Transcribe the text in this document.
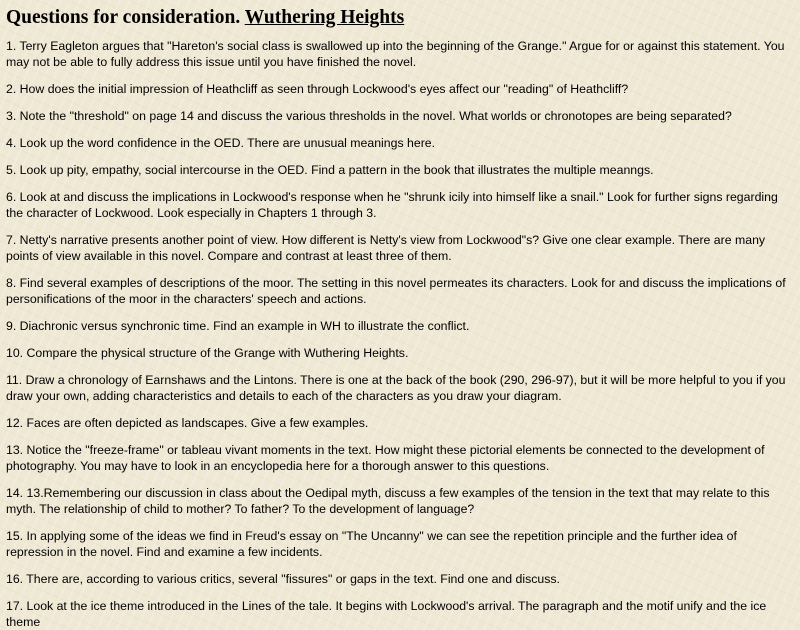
Questions for consideration. Wuthering Heights

1. Terry Eagleton argues that "Hareton's social class is swallowed up into the beginning of the Grange." Argue for or against this statement. You may not be able to fully address this issue until you have finished the novel.

2. How does the initial impression of Heathcliff as seen through Lockwood's eyes affect our "reading" of Heathcliff?

3. Note the "threshold" on page 14 and discuss the various thresholds in the novel. What worlds or chronotopes are being separated?

4. Look up the word confidence in the OED. There are unusual meanings here.

5. Look up pity, empathy, social intercourse in the OED. Find a pattern in the book that illustrates the multiple meanngs.

6. Look at and discuss the implications in Lockwood's response when he "shrunk icily into himself like a snail." Look for further signs regarding the character of Lockwood. Look especially in Chapters 1 through 3.

7. Netty's narrative presents another point of view. How different is Netty's view from Lockwood"s? Give one clear example. There are many points of view available in this novel. Compare and contrast at least three of them.

8. Find several examples of descriptions of the moor. The setting in this novel permeates its characters. Look for and discuss the implications of personifications of the moor in the characters' speech and actions.

9. Diachronic versus synchronic time. Find an example in WH to illustrate the conflict.

10. Compare the physical structure of the Grange with Wuthering Heights.

11. Draw a chronology of Earnshaws and the Lintons. There is one at the back of the book (290, 296-97), but it will be more helpful to you if you draw your own, adding characteristics and details to each of the characters as you draw your diagram.

12. Faces are often depicted as landscapes. Give a few examples.

13. Notice the "freeze-frame" or tableau vivant moments in the text. How might these pictorial elements be connected to the development of photography. You may have to look in an encyclopedia here for a thorough answer to this questions.

14. 13.Remembering our discussion in class about the Oedipal myth, discuss a few examples of the tension in the text that may relate to this myth. The relationship of child to mother? To father? To the development of language?

15. In applying some of the ideas we find in Freud's essay on "The Uncanny" we can see the repetition principle and the further idea of repression in the novel. Find and examine a few incidents.

16. There are, according to various critics, several "fissures" or gaps in the text. Find one and discuss.

17. Look at the ice theme introduced in the Lines of the tale. It begins with Lockwood's arrival. The paragraph and the motif unify and the ice theme
